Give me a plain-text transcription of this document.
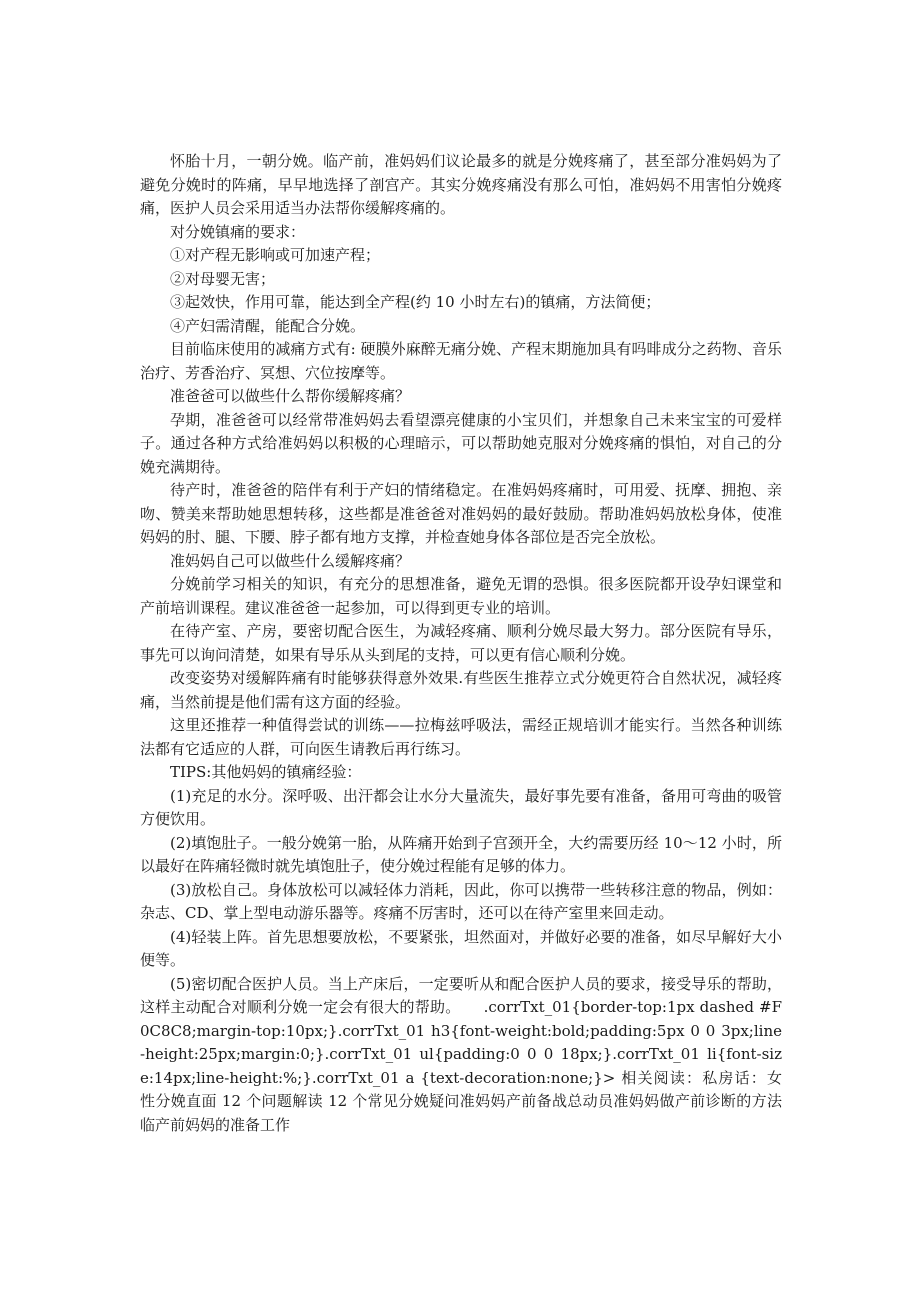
怀胎十月，一朝分娩。临产前，准妈妈们议论最多的就是分娩疼痛了，甚至部分准妈妈为了避免分娩时的阵痛，早早地选择了剖宫产。其实分娩疼痛没有那么可怕，准妈妈不用害怕分娩疼痛，医护人员会采用适当办法帮你缓解疼痛的。

对分娩镇痛的要求：

①对产程无影响或可加速产程；

②对母婴无害；

③起效快，作用可靠，能达到全产程(约 10 小时左右)的镇痛，方法简便；

④产妇需清醒，能配合分娩。

目前临床使用的减痛方式有: 硬膜外麻醉无痛分娩、产程末期施加具有吗啡成分之药物、音乐治疗、芳香治疗、冥想、穴位按摩等。

准爸爸可以做些什么帮你缓解疼痛？

孕期，准爸爸可以经常带准妈妈去看望漂亮健康的小宝贝们，并想象自己未来宝宝的可爱样子。通过各种方式给准妈妈以积极的心理暗示，可以帮助她克服对分娩疼痛的惧怕，对自己的分娩充满期待。

待产时，准爸爸的陪伴有利于产妇的情绪稳定。在准妈妈疼痛时，可用爱、抚摩、拥抱、亲吻、赞美来帮助她思想转移，这些都是准爸爸对准妈妈的最好鼓励。帮助准妈妈放松身体，使准妈妈的肘、腿、下腰、脖子都有地方支撑，并检查她身体各部位是否完全放松。

准妈妈自己可以做些什么缓解疼痛？

分娩前学习相关的知识，有充分的思想准备，避免无谓的恐惧。很多医院都开设孕妇课堂和产前培训课程。建议准爸爸一起参加，可以得到更专业的培训。

在待产室、产房，要密切配合医生，为减轻疼痛、顺利分娩尽最大努力。部分医院有导乐，事先可以询问清楚，如果有导乐从头到尾的支持，可以更有信心顺利分娩。

改变姿势对缓解阵痛有时能够获得意外效果.有些医生推荐立式分娩更符合自然状况，减轻疼痛，当然前提是他们需有这方面的经验。

这里还推荐一种值得尝试的训练——拉梅兹呼吸法，需经正规培训才能实行。当然各种训练法都有它适应的人群，可向医生请教后再行练习。

TIPS:其他妈妈的镇痛经验：

(1)充足的水分。深呼吸、出汗都会让水分大量流失，最好事先要有准备，备用可弯曲的吸管方便饮用。

(2)填饱肚子。一般分娩第一胎，从阵痛开始到子宫颈开全，大约需要历经 10～12 小时，所以最好在阵痛轻微时就先填饱肚子，使分娩过程能有足够的体力。

(3)放松自己。身体放松可以减轻体力消耗，因此，你可以携带一些转移注意的物品，例如：杂志、CD、掌上型电动游乐器等。疼痛不厉害时，还可以在待产室里来回走动。

(4)轻装上阵。首先思想要放松，不要紧张，坦然面对，并做好必要的准备，如尽早解好大小便等。

(5)密切配合医护人员。当上产床后，一定要听从和配合医护人员的要求，接受导乐的帮助，这样主动配合对顺利分娩一定会有很大的帮助。　　.corrTxt_01{border-top:1px dashed #F0C8C8;margin-top:10px;}.corrTxt_01 h3{font-weight:bold;padding:5px 0 0 3px;line-height:25px;margin:0;}.corrTxt_01 ul{padding:0 0 0 18px;}.corrTxt_01 li{font-size:14px;line-height:%;}.corrTxt_01 a {text-decoration:none;}> 相关阅读：私房话：女性分娩直面 12 个问题解读 12 个常见分娩疑问准妈妈产前备战总动员准妈妈做产前诊断的方法临产前妈妈的准备工作
